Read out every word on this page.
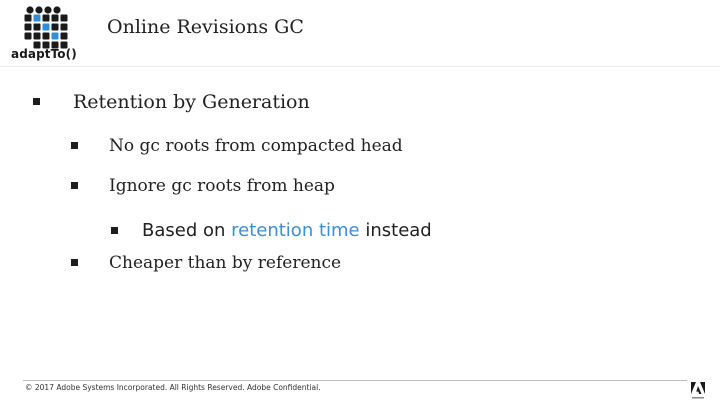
adaptTo()
Online Revisions GC
Retention by Generation
No gc roots from compacted head
Ignore gc roots from heap
Based on retention time instead
Cheaper than by reference
© 2017 Adobe Systems Incorporated. All Rights Reserved. Adobe Confidential.
